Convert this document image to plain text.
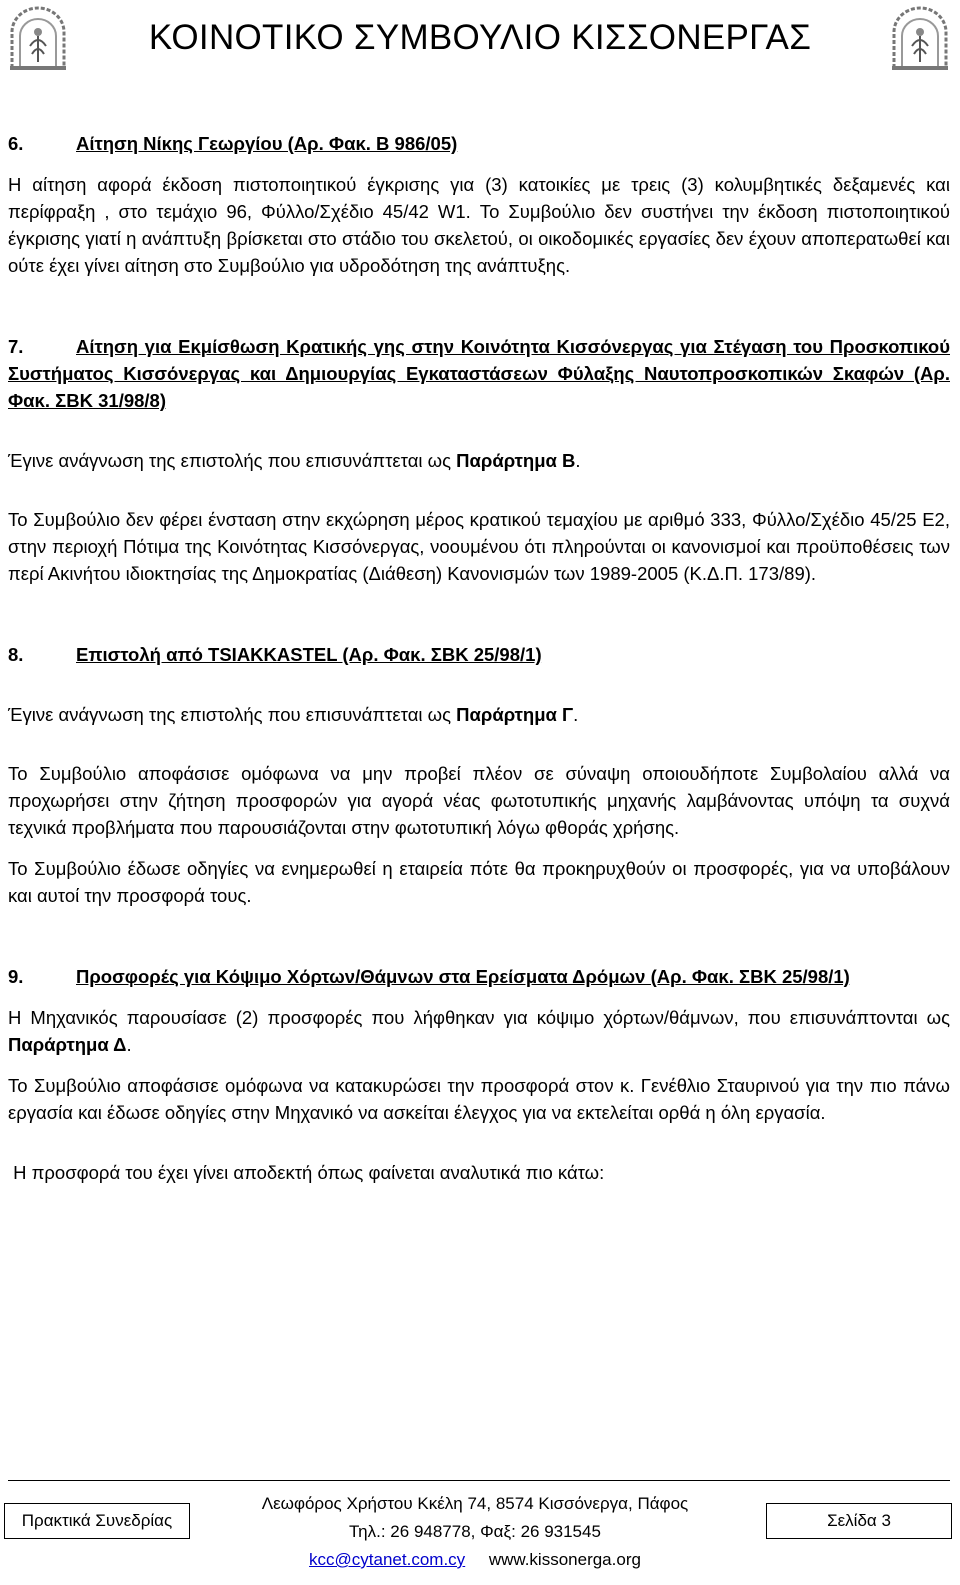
ΚΟΙΝΟΤΙΚΟ ΣΥΜΒΟΥΛΙΟ ΚΙΣΣΟΝΕΡΓΑΣ

6.	Αίτηση Νίκης Γεωργίου (Αρ. Φακ. Β 986/05)

Η αίτηση αφορά έκδοση πιστοποιητικού έγκρισης για (3) κατοικίες με τρεις (3) κολυμβητικές δεξαμενές και περίφραξη , στο τεμάχιο 96, Φύλλο/Σχέδιο 45/42 W1. Το Συμβούλιο δεν συστήνει την έκδοση πιστοποιητικού έγκρισης γιατί η ανάπτυξη βρίσκεται στο στάδιο του σκελετού, οι οικοδομικές εργασίες δεν έχουν αποπερατωθεί και ούτε έχει γίνει αίτηση στο Συμβούλιο για υδροδότηση της ανάπτυξης.

7.	Αίτηση για Εκμίσθωση Κρατικής γης στην Κοινότητα Κισσόνεργας για Στέγαση του Προσκοπικού Συστήματος Κισσόνεργας και Δημιουργίας Εγκαταστάσεων Φύλαξης Ναυτοπροσκοπικών Σκαφών (Αρ. Φακ. ΣΒΚ 31/98/8)

Έγινε ανάγνωση της επιστολής που επισυνάπτεται ως Παράρτημα Β.

Το Συμβούλιο δεν φέρει ένσταση στην εκχώρηση μέρος κρατικού τεμαχίου με αριθμό 333, Φύλλο/Σχέδιο 45/25 Ε2, στην περιοχή Πότιμα της Κοινότητας Κισσόνεργας, νοουμένου ότι πληρούνται οι κανονισμοί και προϋποθέσεις των περί Ακινήτου ιδιοκτησίας της Δημοκρατίας (Διάθεση) Κανονισμών των 1989-2005 (Κ.Δ.Π. 173/89).

8.	Επιστολή από TSIAKKASTEL (Αρ. Φακ. ΣΒΚ 25/98/1)

Έγινε ανάγνωση της επιστολής που επισυνάπτεται ως Παράρτημα Γ.

Το Συμβούλιο αποφάσισε ομόφωνα να μην προβεί πλέον σε σύναψη οποιουδήποτε Συμβολαίου αλλά να προχωρήσει στην ζήτηση προσφορών για αγορά νέας φωτοτυπικής μηχανής λαμβάνοντας υπόψη τα συχνά τεχνικά προβλήματα που παρουσιάζονται στην φωτοτυπική λόγω φθοράς χρήσης.

Το Συμβούλιο έδωσε οδηγίες να ενημερωθεί η εταιρεία πότε θα προκηρυχθούν οι προσφορές, για να υποβάλουν και αυτοί την προσφορά τους.

9.	Προσφορές για Κόψιμο Χόρτων/Θάμνων στα Ερείσματα Δρόμων (Αρ. Φακ. ΣΒΚ 25/98/1)

Η Μηχανικός παρουσίασε (2) προσφορές που λήφθηκαν για κόψιμο χόρτων/θάμνων, που επισυνάπτονται ως Παράρτημα Δ.

Το Συμβούλιο αποφάσισε ομόφωνα να κατακυρώσει την προσφορά στον κ. Γενέθλιο Σταυρινού για την πιο πάνω εργασία και έδωσε οδηγίες στην Μηχανικό να ασκείται έλεγχος για να εκτελείται ορθά η όλη εργασία.

Η προσφορά του έχει γίνει αποδεκτή όπως φαίνεται αναλυτικά πιο κάτω:

Πρακτικά Συνεδρίας
Λεωφόρος Χρήστου Κκέλη 74, 8574 Κισσόνεργα, Πάφος
Τηλ.: 26 948778, Φαξ: 26 931545
kcc@cytanet.com.cy www.kissonerga.org
Σελίδα 3
